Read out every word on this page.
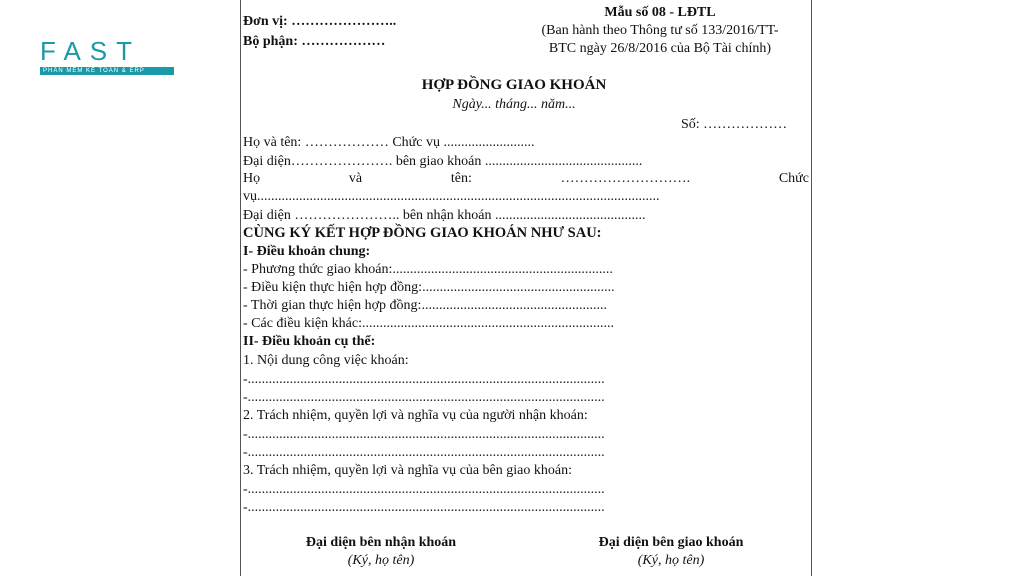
FAST
PHẦN MỀM KẾ TOÁN & ERP
Đơn vị: …………………..
Bộ phận: ………………
Mẫu số 08 - LĐTL
(Ban hành theo Thông tư số 133/2016/TT-
BTC ngày 26/8/2016 của Bộ Tài chính)
HỢP ĐỒNG GIAO KHOÁN
Ngày... tháng... năm...
Số: ………………
Họ và tên: ……………… Chức vụ ..........................
Đại diện…………………. bên giao khoán .............................................
Họ	và	tên:	……………………….	Chức
vụ...................................................................................................................
Đại diện ………………….. bên nhận khoán ...........................................
CÙNG KÝ KẾT HỢP ĐỒNG GIAO KHOÁN NHƯ SAU:
I- Điều khoản chung:
- Phương thức giao khoán:...............................................................
- Điều kiện thực hiện hợp đồng:.......................................................
- Thời gian thực hiện hợp đồng:.....................................................
- Các điều kiện khác:........................................................................
II- Điều khoản cụ thể:
1. Nội dung công việc khoán:
-......................................................................................................
-......................................................................................................
2. Trách nhiệm, quyền lợi và nghĩa vụ của người nhận khoán:
-......................................................................................................
-......................................................................................................
3. Trách nhiệm, quyền lợi và nghĩa vụ của bên giao khoán:
-......................................................................................................
-......................................................................................................
Đại diện bên nhận khoán
(Ký, họ tên)
Đại diện bên giao khoán
(Ký, họ tên)
